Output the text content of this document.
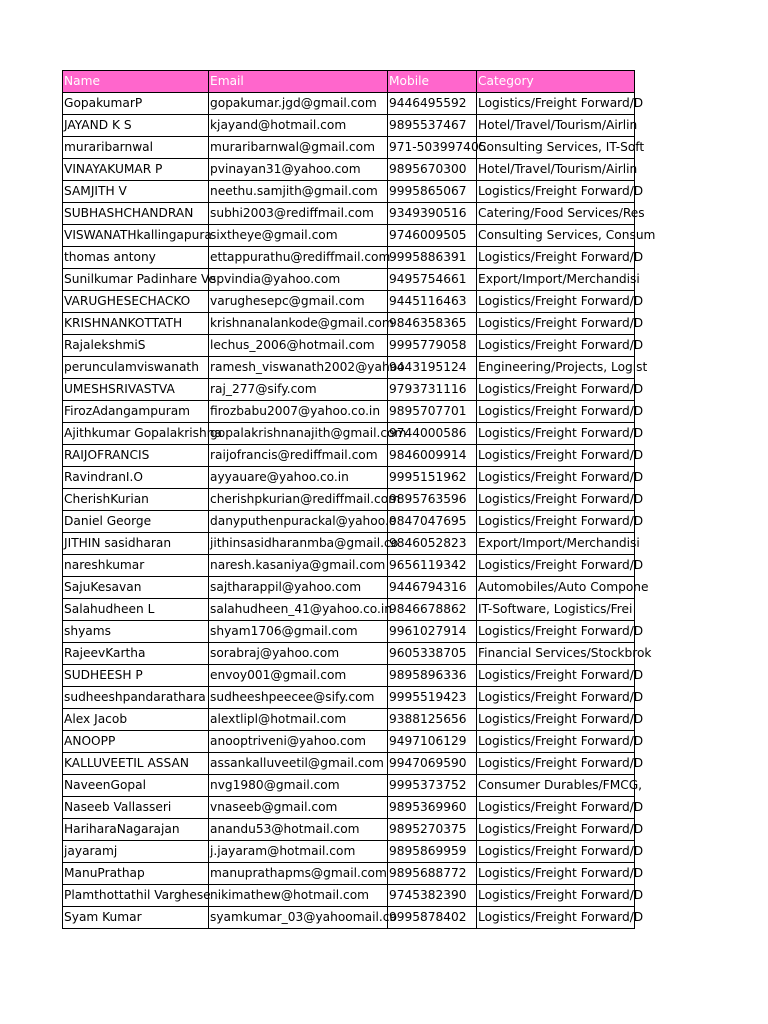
Name	Email	Mobile	Category
GopakumarP	gopakumar.jgd@gmail.com	9446495592	Logistics/Freight Forward/D
JAYAND K S	kjayand@hotmail.com	9895537467	Hotel/Travel/Tourism/Airlin
muraribarnwal	muraribarnwal@gmail.com	971-503997405	Consulting Services, IT-Soft
VINAYAKUMAR P	pvinayan31@yahoo.com	9895670300	Hotel/Travel/Tourism/Airlin
SAMJITH V	neethu.samjith@gmail.com	9995865067	Logistics/Freight Forward/D
SUBHASHCHANDRAN	subhi2003@rediffmail.com	9349390516	Catering/Food Services/Res
VISWANATHkallingapura	sixtheye@gmail.com	9746009505	Consulting Services, Consum
thomas antony	ettappurathu@rediffmail.com	9995886391	Logistics/Freight Forward/D
Sunilkumar Padinhare Ve	spvindia@yahoo.com	9495754661	Export/Import/Merchandisi
VARUGHESECHACKO	varughesepc@gmail.com	9445116463	Logistics/Freight Forward/D
KRISHNANKOTTATH	krishnanalankode@gmail.com	9846358365	Logistics/Freight Forward/D
RajalekshmiS	lechus_2006@hotmail.com	9995779058	Logistics/Freight Forward/D
perunculamviswanath	ramesh_viswanath2002@yahoo	9443195124	Engineering/Projects, Logist
UMESHSRIVASTVA	raj_277@sify.com	9793731116	Logistics/Freight Forward/D
FirozAdangampuram	firozbabu2007@yahoo.co.in	9895707701	Logistics/Freight Forward/D
Ajithkumar Gopalakrishna	gopalakrishnanajith@gmail.com	9744000586	Logistics/Freight Forward/D
RAIJOFRANCIS	raijofrancis@rediffmail.com	9846009914	Logistics/Freight Forward/D
RavindranI.O	ayyauare@yahoo.co.in	9995151962	Logistics/Freight Forward/D
CherishKurian	cherishpkurian@rediffmail.com	9895763596	Logistics/Freight Forward/D
Daniel George	danyputhenpurackal@yahoo.c	9847047695	Logistics/Freight Forward/D
JITHIN sasidharan	jithinsasidharanmba@gmail.co	9846052823	Export/Import/Merchandisi
nareshkumar	naresh.kasaniya@gmail.com	9656119342	Logistics/Freight Forward/D
SajuKesavan	sajtharappil@yahoo.com	9446794316	Automobiles/Auto Compone
Salahudheen L	salahudheen_41@yahoo.co.in	9846678862	IT-Software, Logistics/Frei
shyams	shyam1706@gmail.com	9961027914	Logistics/Freight Forward/D
RajeevKartha	sorabraj@yahoo.com	9605338705	Financial Services/Stockbrok
SUDHEESH P	envoy001@gmail.com	9895896336	Logistics/Freight Forward/D
sudheeshpandarathara	sudheeshpeecee@sify.com	9995519423	Logistics/Freight Forward/D
Alex Jacob	alextlipl@hotmail.com	9388125656	Logistics/Freight Forward/D
ANOOPP	anooptriveni@yahoo.com	9497106129	Logistics/Freight Forward/D
KALLUVEETIL ASSAN	assankalluveetil@gmail.com	9947069590	Logistics/Freight Forward/D
NaveenGopal	nvg1980@gmail.com	9995373752	Consumer Durables/FMCG,
Naseeb Vallasseri	vnaseeb@gmail.com	9895369960	Logistics/Freight Forward/D
HariharaNagarajan	anandu53@hotmail.com	9895270375	Logistics/Freight Forward/D
jayaramj	j.jayaram@hotmail.com	9895869959	Logistics/Freight Forward/D
ManuPrathap	manuprathapms@gmail.com	9895688772	Logistics/Freight Forward/D
Plamthottathil Varghese	nikimathew@hotmail.com	9745382390	Logistics/Freight Forward/D
Syam Kumar	syamkumar_03@yahoomail.co	9995878402	Logistics/Freight Forward/D
